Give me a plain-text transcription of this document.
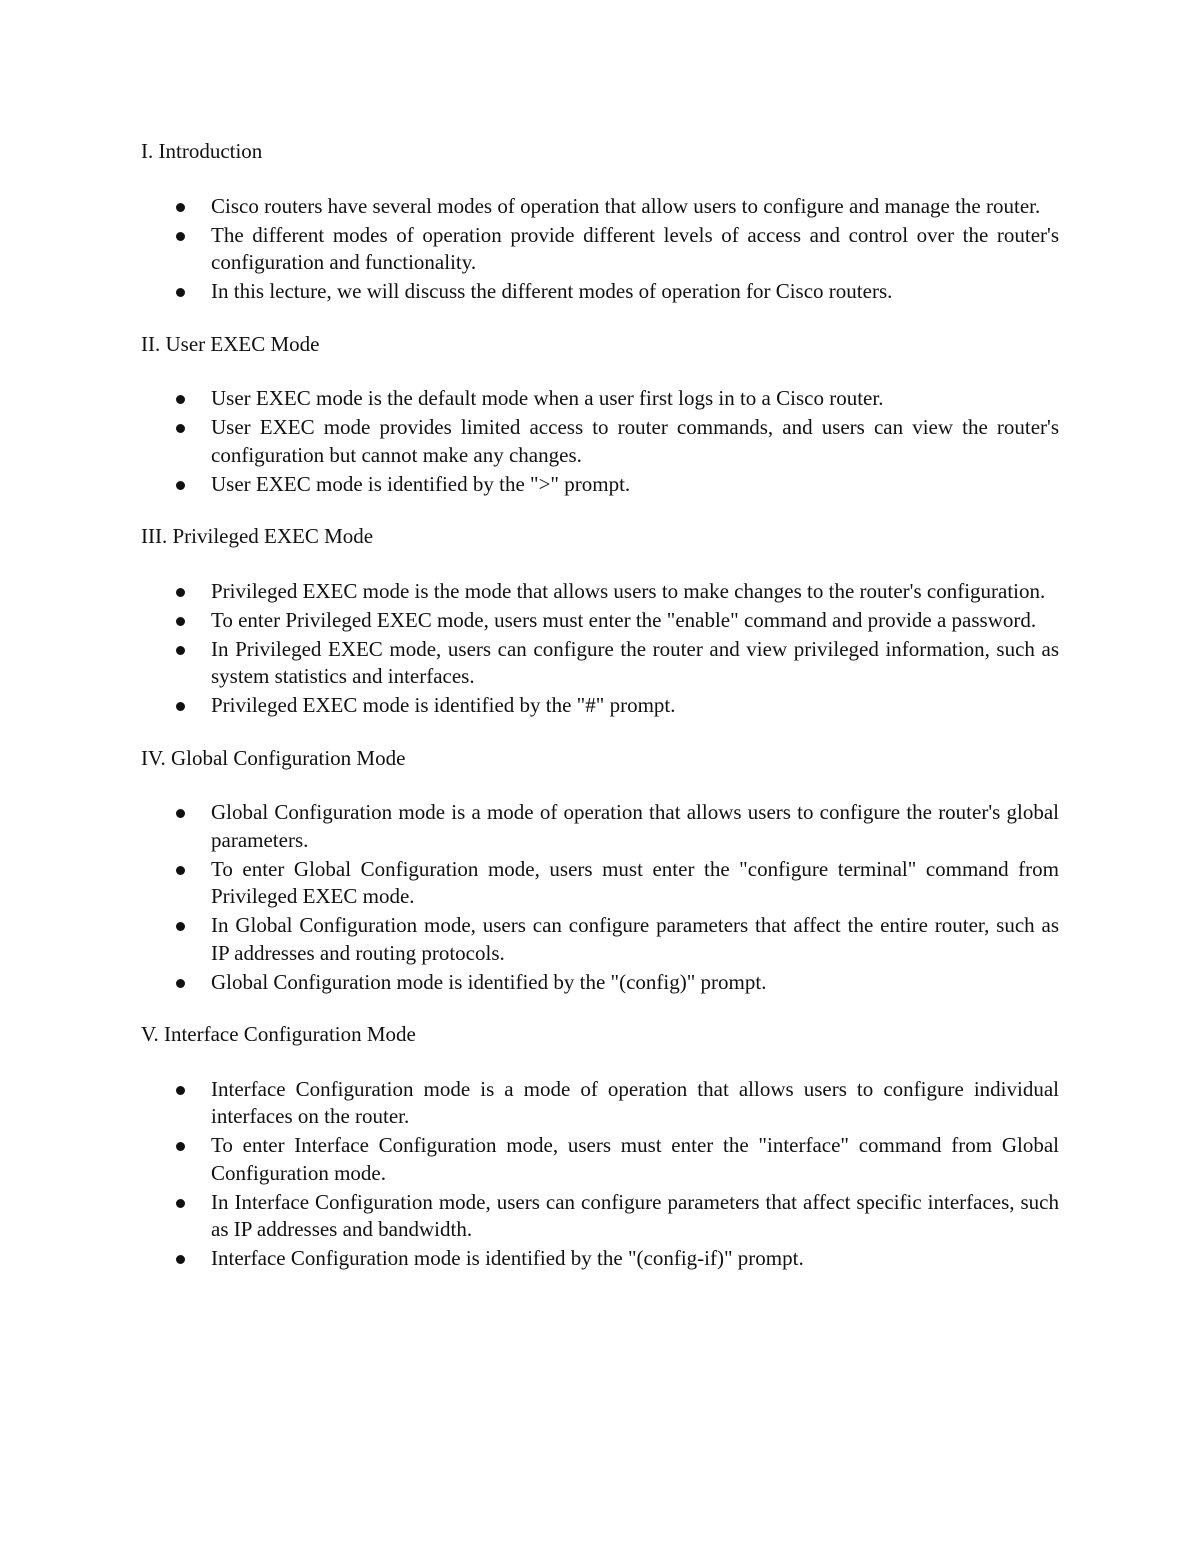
I. Introduction
Cisco routers have several modes of operation that allow users to configure and manage the router.
The different modes of operation provide different levels of access and control over the router's configuration and functionality.
In this lecture, we will discuss the different modes of operation for Cisco routers.
II. User EXEC Mode
User EXEC mode is the default mode when a user first logs in to a Cisco router.
User EXEC mode provides limited access to router commands, and users can view the router's configuration but cannot make any changes.
User EXEC mode is identified by the ">" prompt.
III. Privileged EXEC Mode
Privileged EXEC mode is the mode that allows users to make changes to the router's configuration.
To enter Privileged EXEC mode, users must enter the "enable" command and provide a password.
In Privileged EXEC mode, users can configure the router and view privileged information, such as system statistics and interfaces.
Privileged EXEC mode is identified by the "#" prompt.
IV. Global Configuration Mode
Global Configuration mode is a mode of operation that allows users to configure the router's global parameters.
To enter Global Configuration mode, users must enter the "configure terminal" command from Privileged EXEC mode.
In Global Configuration mode, users can configure parameters that affect the entire router, such as IP addresses and routing protocols.
Global Configuration mode is identified by the "(config)" prompt.
V. Interface Configuration Mode
Interface Configuration mode is a mode of operation that allows users to configure individual interfaces on the router.
To enter Interface Configuration mode, users must enter the "interface" command from Global Configuration mode.
In Interface Configuration mode, users can configure parameters that affect specific interfaces, such as IP addresses and bandwidth.
Interface Configuration mode is identified by the "(config-if)" prompt.
